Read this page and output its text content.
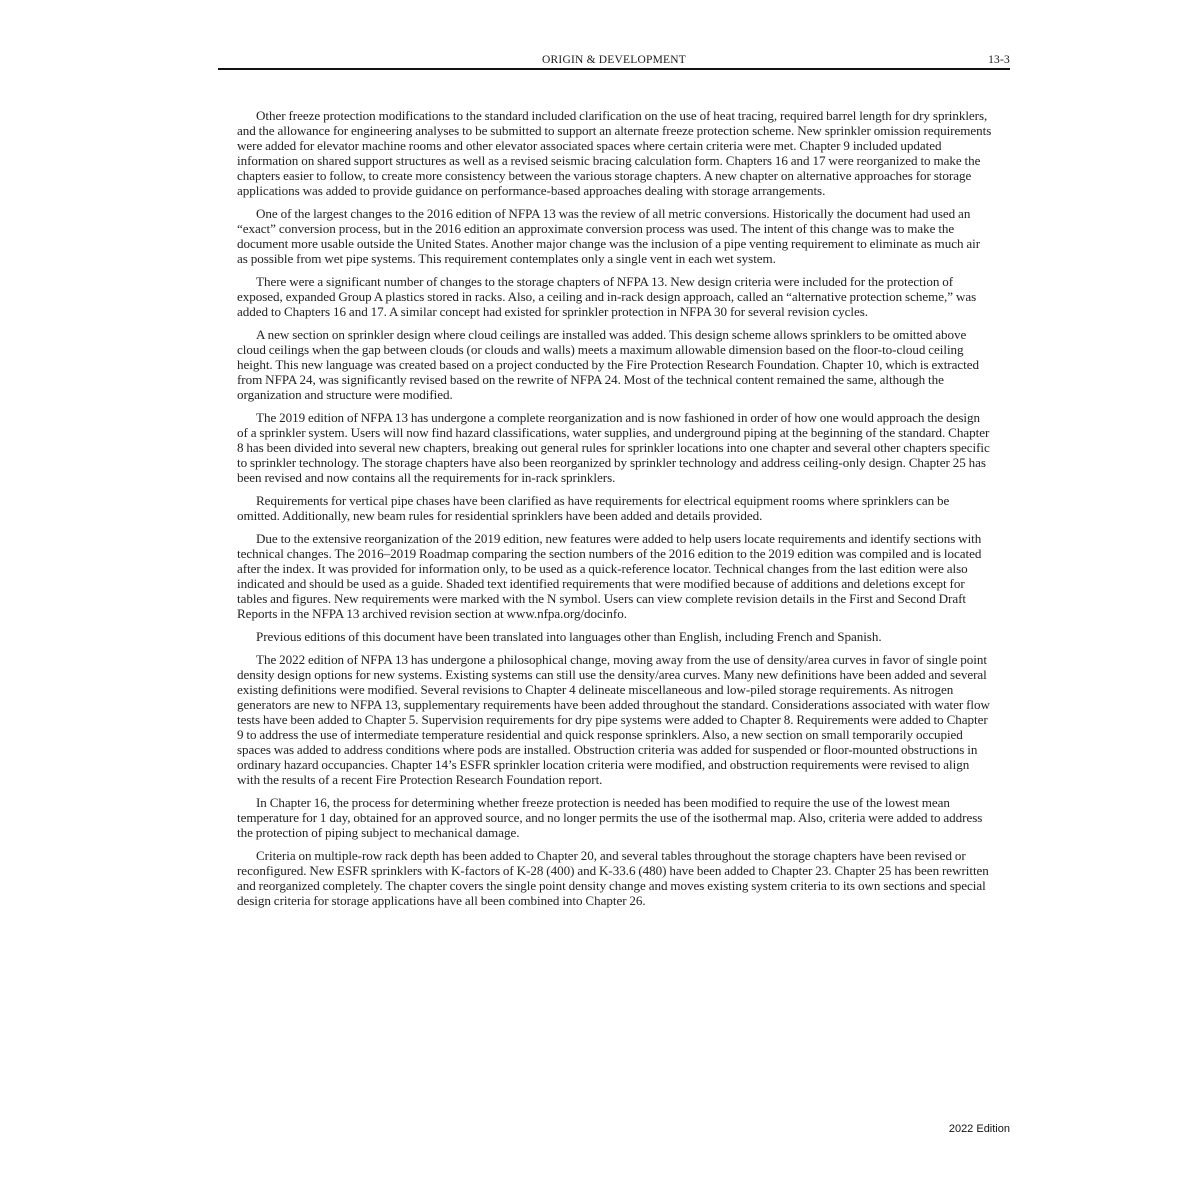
ORIGIN & DEVELOPMENT	13-3

Other freeze protection modifications to the standard included clarification on the use of heat tracing, required barrel length for dry sprinklers, and the allowance for engineering analyses to be submitted to support an alternate freeze protection scheme. New sprinkler omission requirements were added for elevator machine rooms and other elevator associated spaces where certain criteria were met. Chapter 9 included updated information on shared support structures as well as a revised seismic bracing calculation form. Chapters 16 and 17 were reorganized to make the chapters easier to follow, to create more consistency between the various storage chapters. A new chapter on alternative approaches for storage applications was added to provide guidance on performance-based approaches dealing with storage arrangements.

One of the largest changes to the 2016 edition of NFPA 13 was the review of all metric conversions. Historically the document had used an “exact” conversion process, but in the 2016 edition an approximate conversion process was used. The intent of this change was to make the document more usable outside the United States. Another major change was the inclusion of a pipe venting requirement to eliminate as much air as possible from wet pipe systems. This requirement contemplates only a single vent in each wet system.

There were a significant number of changes to the storage chapters of NFPA 13. New design criteria were included for the protection of exposed, expanded Group A plastics stored in racks. Also, a ceiling and in-rack design approach, called an “alternative protection scheme,” was added to Chapters 16 and 17. A similar concept had existed for sprinkler protection in NFPA 30 for several revision cycles.

A new section on sprinkler design where cloud ceilings are installed was added. This design scheme allows sprinklers to be omitted above cloud ceilings when the gap between clouds (or clouds and walls) meets a maximum allowable dimension based on the floor-to-cloud ceiling height. This new language was created based on a project conducted by the Fire Protection Research Foundation. Chapter 10, which is extracted from NFPA 24, was significantly revised based on the rewrite of NFPA 24. Most of the technical content remained the same, although the organization and structure were modified.

The 2019 edition of NFPA 13 has undergone a complete reorganization and is now fashioned in order of how one would approach the design of a sprinkler system. Users will now find hazard classifications, water supplies, and underground piping at the beginning of the standard. Chapter 8 has been divided into several new chapters, breaking out general rules for sprinkler locations into one chapter and several other chapters specific to sprinkler technology. The storage chapters have also been reorganized by sprinkler technology and address ceiling-only design. Chapter 25 has been revised and now contains all the requirements for in-rack sprinklers.

Requirements for vertical pipe chases have been clarified as have requirements for electrical equipment rooms where sprinklers can be omitted. Additionally, new beam rules for residential sprinklers have been added and details provided.

Due to the extensive reorganization of the 2019 edition, new features were added to help users locate requirements and identify sections with technical changes. The 2016–2019 Roadmap comparing the section numbers of the 2016 edition to the 2019 edition was compiled and is located after the index. It was provided for information only, to be used as a quick-reference locator. Technical changes from the last edition were also indicated and should be used as a guide. Shaded text identified requirements that were modified because of additions and deletions except for tables and figures. New requirements were marked with the N symbol. Users can view complete revision details in the First and Second Draft Reports in the NFPA 13 archived revision section at www.nfpa.org/docinfo.

Previous editions of this document have been translated into languages other than English, including French and Spanish.

The 2022 edition of NFPA 13 has undergone a philosophical change, moving away from the use of density/area curves in favor of single point density design options for new systems. Existing systems can still use the density/area curves. Many new definitions have been added and several existing definitions were modified. Several revisions to Chapter 4 delineate miscellaneous and low-piled storage requirements. As nitrogen generators are new to NFPA 13, supplementary requirements have been added throughout the standard. Considerations associated with water flow tests have been added to Chapter 5. Supervision requirements for dry pipe systems were added to Chapter 8. Requirements were added to Chapter 9 to address the use of intermediate temperature residential and quick response sprinklers. Also, a new section on small temporarily occupied spaces was added to address conditions where pods are installed. Obstruction criteria was added for suspended or floor-mounted obstructions in ordinary hazard occupancies. Chapter 14’s ESFR sprinkler location criteria were modified, and obstruction requirements were revised to align with the results of a recent Fire Protection Research Foundation report.

In Chapter 16, the process for determining whether freeze protection is needed has been modified to require the use of the lowest mean temperature for 1 day, obtained for an approved source, and no longer permits the use of the isothermal map. Also, criteria were added to address the protection of piping subject to mechanical damage.

Criteria on multiple-row rack depth has been added to Chapter 20, and several tables throughout the storage chapters have been revised or reconfigured. New ESFR sprinklers with K-factors of K-28 (400) and K-33.6 (480) have been added to Chapter 23. Chapter 25 has been rewritten and reorganized completely. The chapter covers the single point density change and moves existing system criteria to its own sections and special design criteria for storage applications have all been combined into Chapter 26.

2022 Edition
